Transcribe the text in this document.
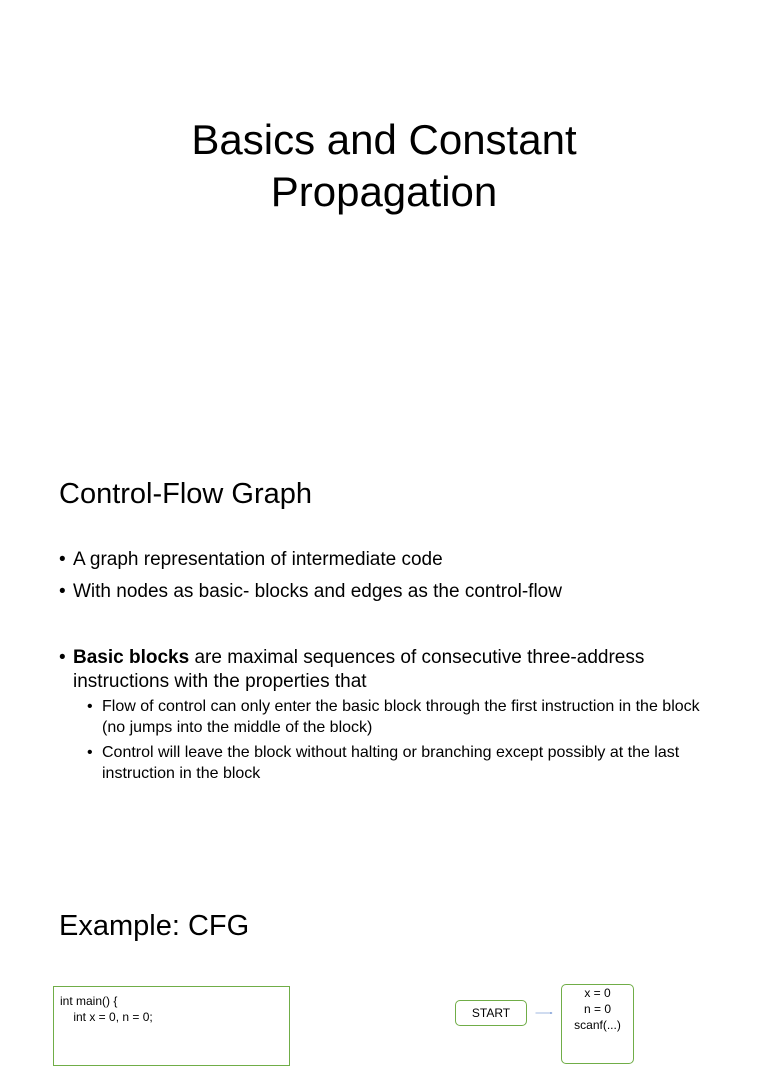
Basics and Constant
Propagation
Control-Flow Graph
• A graph representation of intermediate code
• With nodes as basic- blocks and edges as the control-flow
• Basic blocks are maximal sequences of consecutive three-address instructions with the properties that
• Flow of control can only enter the basic block through the first instruction in the block (no jumps into the middle of the block)
• Control will leave the block without halting or branching except possibly at the last instruction in the block
Example: CFG
int main() {
int x = 0, n = 0;	START
x = 0
n = 0
scanf(...)
